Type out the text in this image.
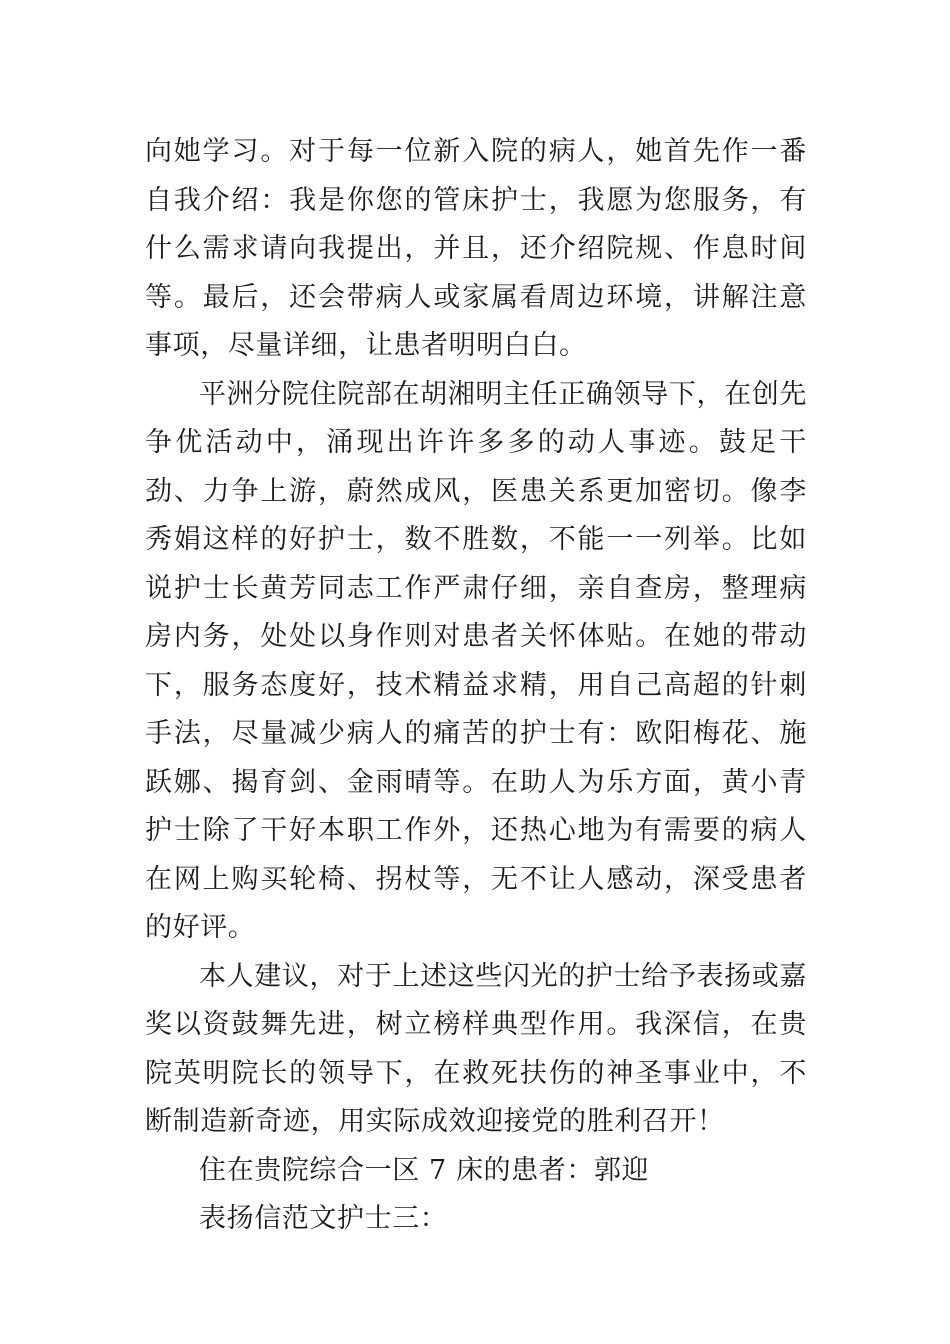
向她学习。对于每一位新入院的病人，她首先作一番自我介绍：我是你您的管床护士，我愿为您服务，有什么需求请向我提出，并且，还介绍院规、作息时间等。最后，还会带病人或家属看周边环境，讲解注意事项，尽量详细，让患者明明白白。

平洲分院住院部在胡湘明主任正确领导下，在创先争优活动中，涌现出许许多多的动人事迹。鼓足干劲、力争上游，蔚然成风，医患关系更加密切。像李秀娟这样的好护士，数不胜数，不能一一列举。比如说护士长黄芳同志工作严肃仔细，亲自查房，整理病房内务，处处以身作则对患者关怀体贴。在她的带动下，服务态度好，技术精益求精，用自己高超的针刺手法，尽量减少病人的痛苦的护士有：欧阳梅花、施跃娜、揭育剑、金雨晴等。在助人为乐方面，黄小青护士除了干好本职工作外，还热心地为有需要的病人在网上购买轮椅、拐杖等，无不让人感动，深受患者的好评。

本人建议，对于上述这些闪光的护士给予表扬或嘉奖以资鼓舞先进，树立榜样典型作用。我深信，在贵院英明院长的领导下，在救死扶伤的神圣事业中，不断制造新奇迹，用实际成效迎接党的胜利召开！

住在贵院综合一区 7 床的患者：郭迎

表扬信范文护士三：
